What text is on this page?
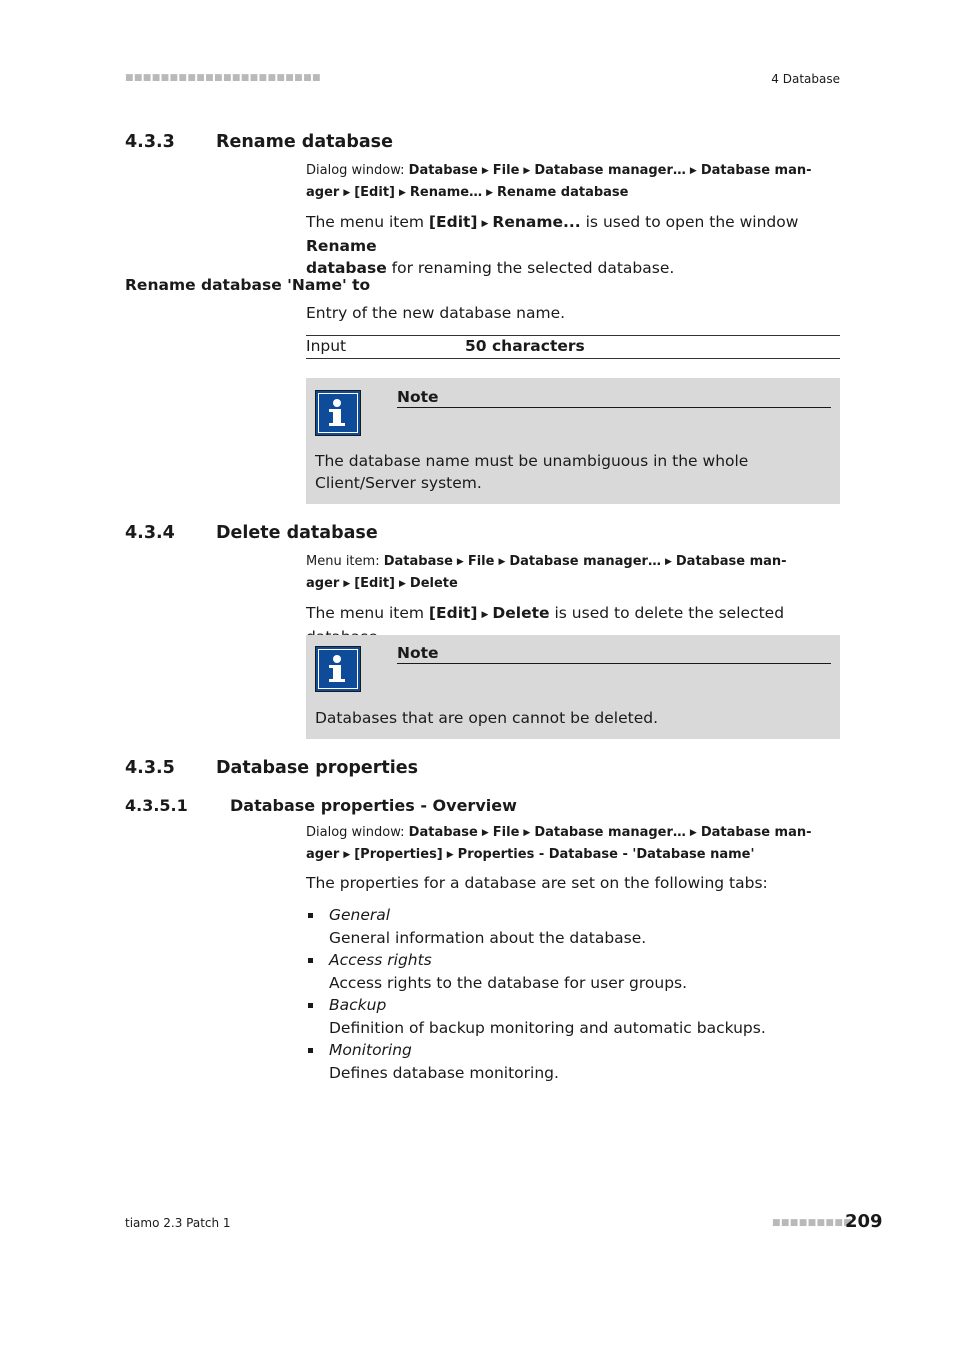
■■■■■■■■■■■■■■■■■■■■■■	4 Database
4.3.3 Rename database
Dialog window: Database ▶ File ▶ Database manager… ▶ Database man-
ager ▶ [Edit] ▶ Rename… ▶ Rename database
The menu item [Edit] ▶ Rename... is used to open the window Rename
database for renaming the selected database.
Rename database 'Name' to
Entry of the new database name.
Input	50 characters
Note
The database name must be unambiguous in the whole Client/Server system.
4.3.4 Delete database
Menu item: Database ▶ File ▶ Database manager… ▶ Database man-
ager ▶ [Edit] ▶ Delete
The menu item [Edit] ▶ Delete is used to delete the selected
Note
Databases that are open cannot be deleted.
4.3.5 Database properties
4.3.5.1	Database properties - Overview
Dialog window: Database ▶ File ▶ Database manager… ▶ Database man-
ager ▶ [Properties] ▶ Properties - Database - 'Database name'
The properties for a database are set on the following tabs:
General
General information about the database.
Access rights
Access rights to the database for user groups.
Backup
Definition of backup monitoring and automatic backups.
Monitoring
Defines database monitoring.
tiamo 2.3 Patch 1	■■■■■■■■■
209
